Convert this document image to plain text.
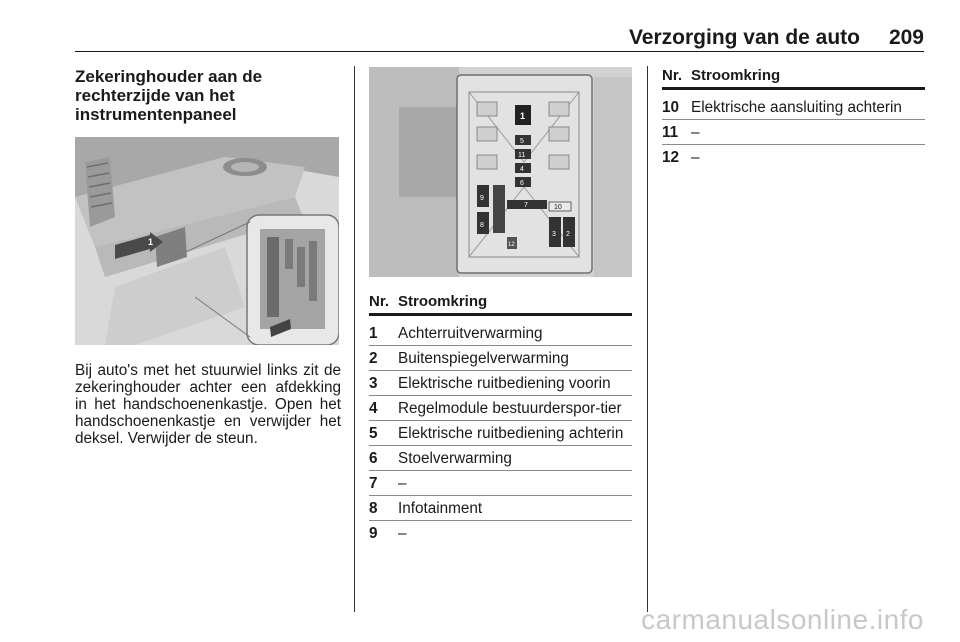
Verzorging van de auto 209
Zekeringhouder aan de rechterzijde van het instrumentenpaneel
1
Bij auto's met het stuurwiel links zit de zekeringhouder achter een afdekking in het handschoenenkastje. Open het handschoenenkastje en verwijder het deksel. Verwijder de steun.
1
5
11
4
6
9
8
7	10
3 2
12
Nr. Stroomkring
1	Achterruitverwarming
2	Buitenspiegelverwarming
3	Elektrische ruitbediening voorin
4	Regelmodule bestuurderspor-tier
5	Elektrische ruitbediening achterin
6	Stoelverwarming
7	–
8	Infotainment
9	–
Nr. Stroomkring
10 Elektrische aansluiting achterin
11 –
12 –
carmanualsonline.info
